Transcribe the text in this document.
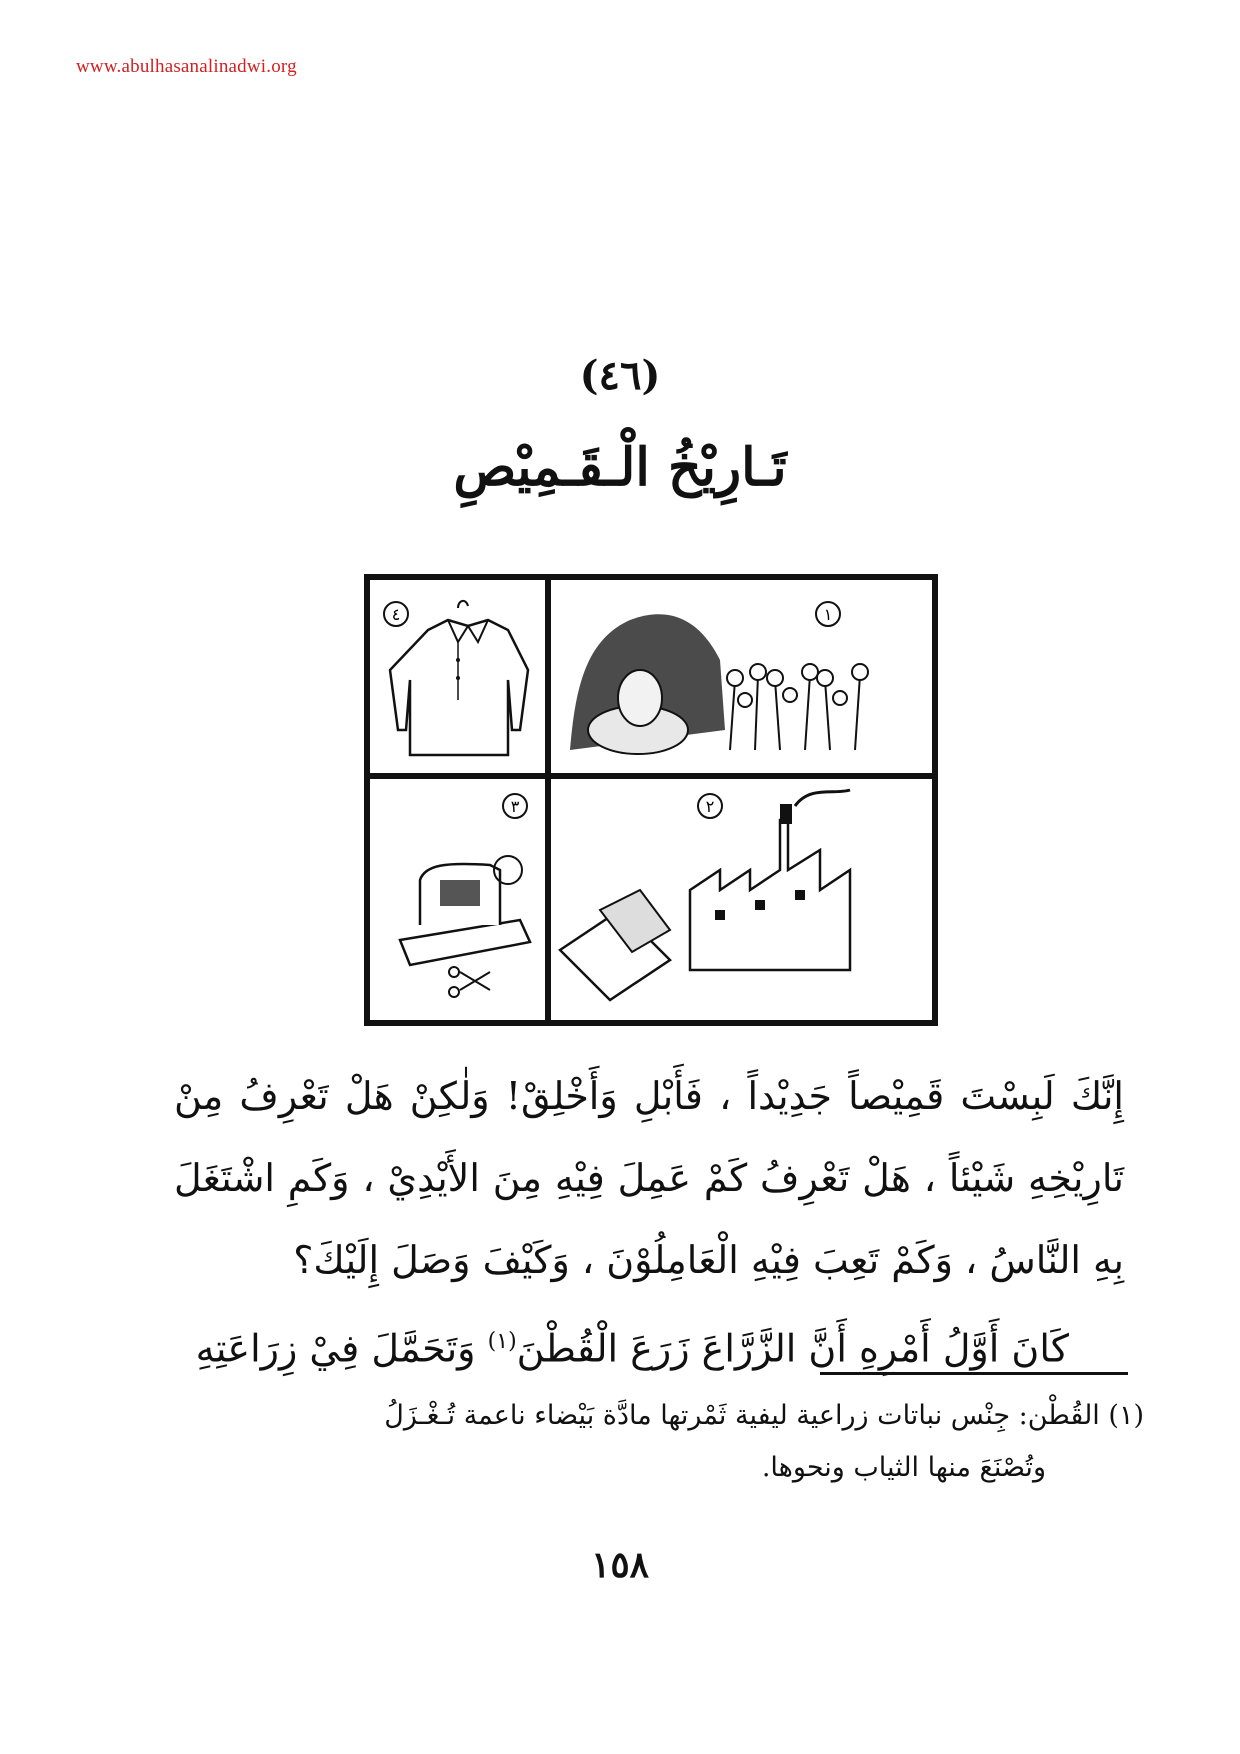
www.abulhasanalinadwi.org
(٤٦)
تَـارِيْخُ الْـقَـمِيْصِ
١
٤
٢
٣

إِنَّكَ لَبِسْتَ قَمِيْصاً جَدِيْداً ، فَأَبْلِ وَأَخْلِقْ! وَلٰكِنْ هَلْ تَعْرِفُ مِنْ تَارِيْخِهِ شَيْئاً ، هَلْ تَعْرِفُ كَمْ عَمِلَ فِيْهِ مِنَ الأَيْدِيْ ، وَكَمِ اشْتَغَلَ بِهِ النَّاسُ ، وَكَمْ تَعِبَ فِيْهِ الْعَامِلُوْنَ ، وَكَيْفَ وَصَلَ إِلَيْكَ؟

كَانَ أَوَّلُ أَمْرِهِ أَنَّ الزَّرَّاعَ زَرَعَ الْقُطْنَ$^{(١)}$ وَتَحَمَّلَ فِيْ زِرَاعَتِهِ

(١) القُطْن: جِنْس نباتات زراعية ليفية ثَمْرتها مادَّة بَيْضاء ناعمة تُـغْـزَلُ
وتُصْنَعَ منها الثياب ونحوها.
١٥٨
